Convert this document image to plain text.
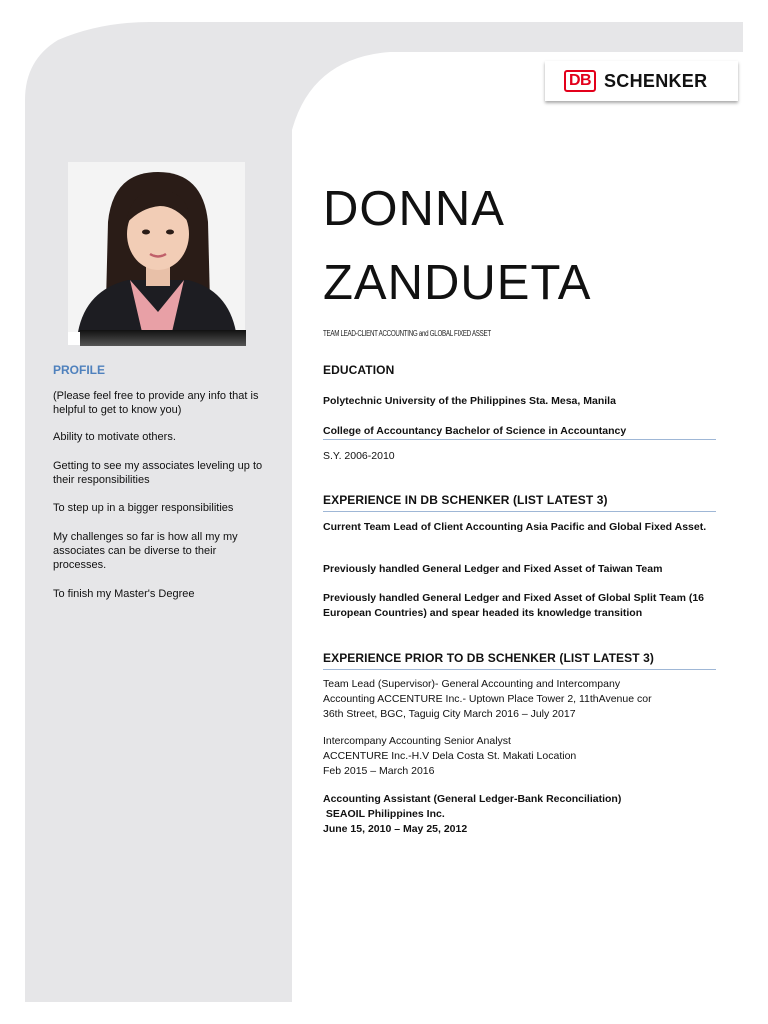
DB SCHENKER
DONNA
ZANDUETA
TEAM LEAD-CLIENT ACCOUNTING and GLOBAL FIXED ASSET
PROFILE
(Please feel free to provide any info that is helpful to get to know you)
Ability to motivate others.
Getting to see my associates leveling up to their responsibilities
To step up in a bigger responsibilities
My challenges so far is how all my my associates can be diverse to their processes.
To finish my Master's Degree
EDUCATION
Polytechnic University of the Philippines Sta. Mesa, Manila
College of Accountancy Bachelor of Science in Accountancy
S.Y. 2006-2010
EXPERIENCE IN DB SCHENKER (LIST LATEST 3)
Current Team Lead of Client Accounting Asia Pacific and Global Fixed Asset.
Previously handled General Ledger and Fixed Asset of Taiwan Team
Previously handled General Ledger and Fixed Asset of Global Split Team (16 European Countries) and spear headed its knowledge transition
EXPERIENCE PRIOR TO DB SCHENKER (LIST LATEST 3)
Team Lead (Supervisor)- General Accounting and Intercompany
Accounting ACCENTURE Inc.- Uptown Place Tower 2, 11thAvenue cor
36th Street, BGC, Taguig City March 2016 – July 2017
Intercompany Accounting Senior Analyst
ACCENTURE Inc.-H.V Dela Costa St. Makati Location
Feb 2015 – March 2016
Accounting Assistant (General Ledger-Bank Reconciliation)
SEAOIL Philippines Inc.
June 15, 2010 – May 25, 2012
